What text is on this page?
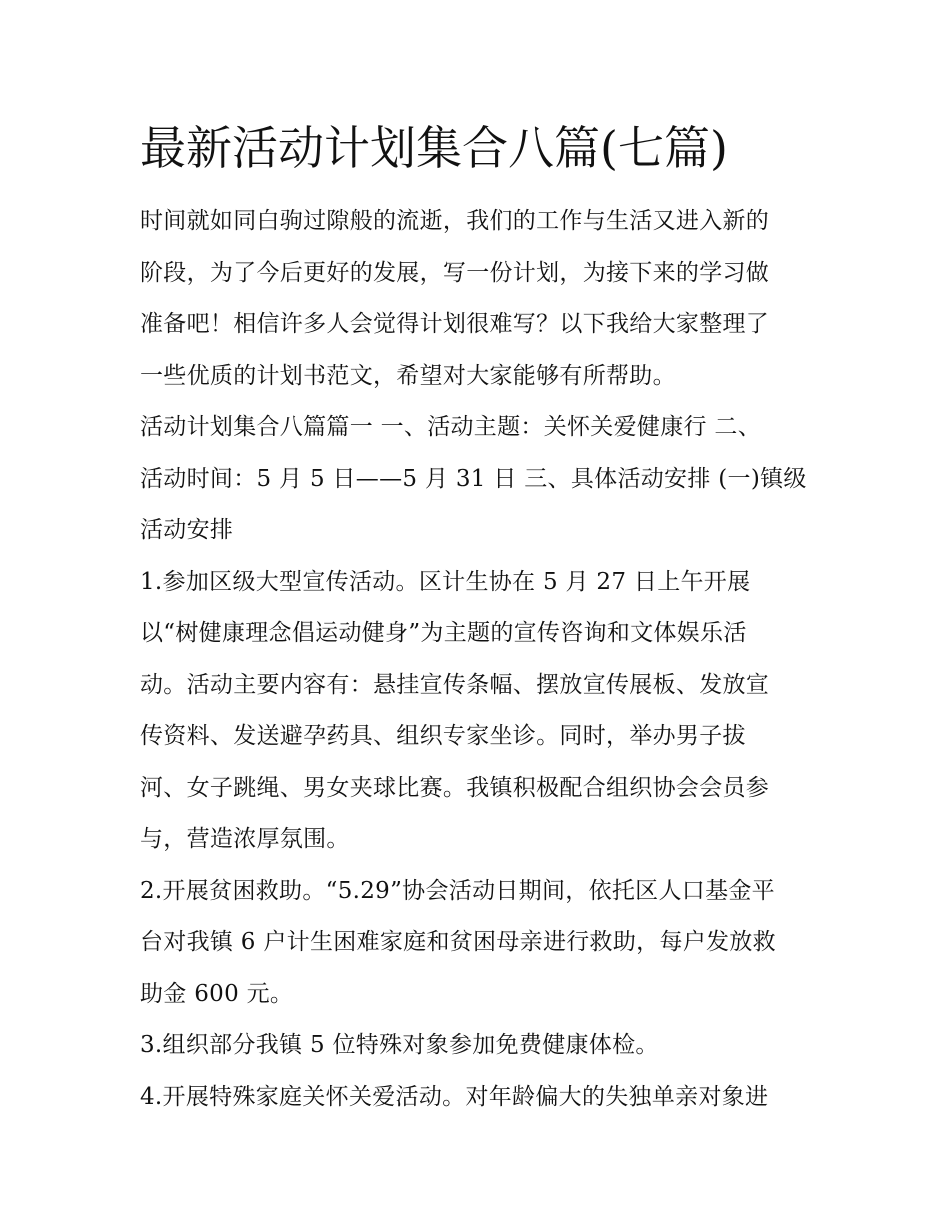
最新活动计划集合八篇(七篇)

时间就如同白驹过隙般的流逝，我们的工作与生活又进入新的
阶段，为了今后更好的发展，写一份计划，为接下来的学习做
准备吧！相信许多人会觉得计划很难写？以下我给大家整理了
一些优质的计划书范文，希望对大家能够有所帮助。

活动计划集合八篇篇一 一、活动主题：关怀关爱健康行 二、
活动时间：5 月 5 日——5 月 31 日 三、具体活动安排 (一)镇级
活动安排

1.参加区级大型宣传活动。区计生协在 5 月 27 日上午开展
以“树健康理念倡运动健身”为主题的宣传咨询和文体娱乐活
动。活动主要内容有：悬挂宣传条幅、摆放宣传展板、发放宣
传资料、发送避孕药具、组织专家坐诊。同时，举办男子拔
河、女子跳绳、男女夹球比赛。我镇积极配合组织协会会员参
与，营造浓厚氛围。

2.开展贫困救助。“5.29”协会活动日期间，依托区人口基金平
台对我镇 6 户计生困难家庭和贫困母亲进行救助，每户发放救
助金 600 元。

3.组织部分我镇 5 位特殊对象参加免费健康体检。

4.开展特殊家庭关怀关爱活动。对年龄偏大的失独单亲对象进
